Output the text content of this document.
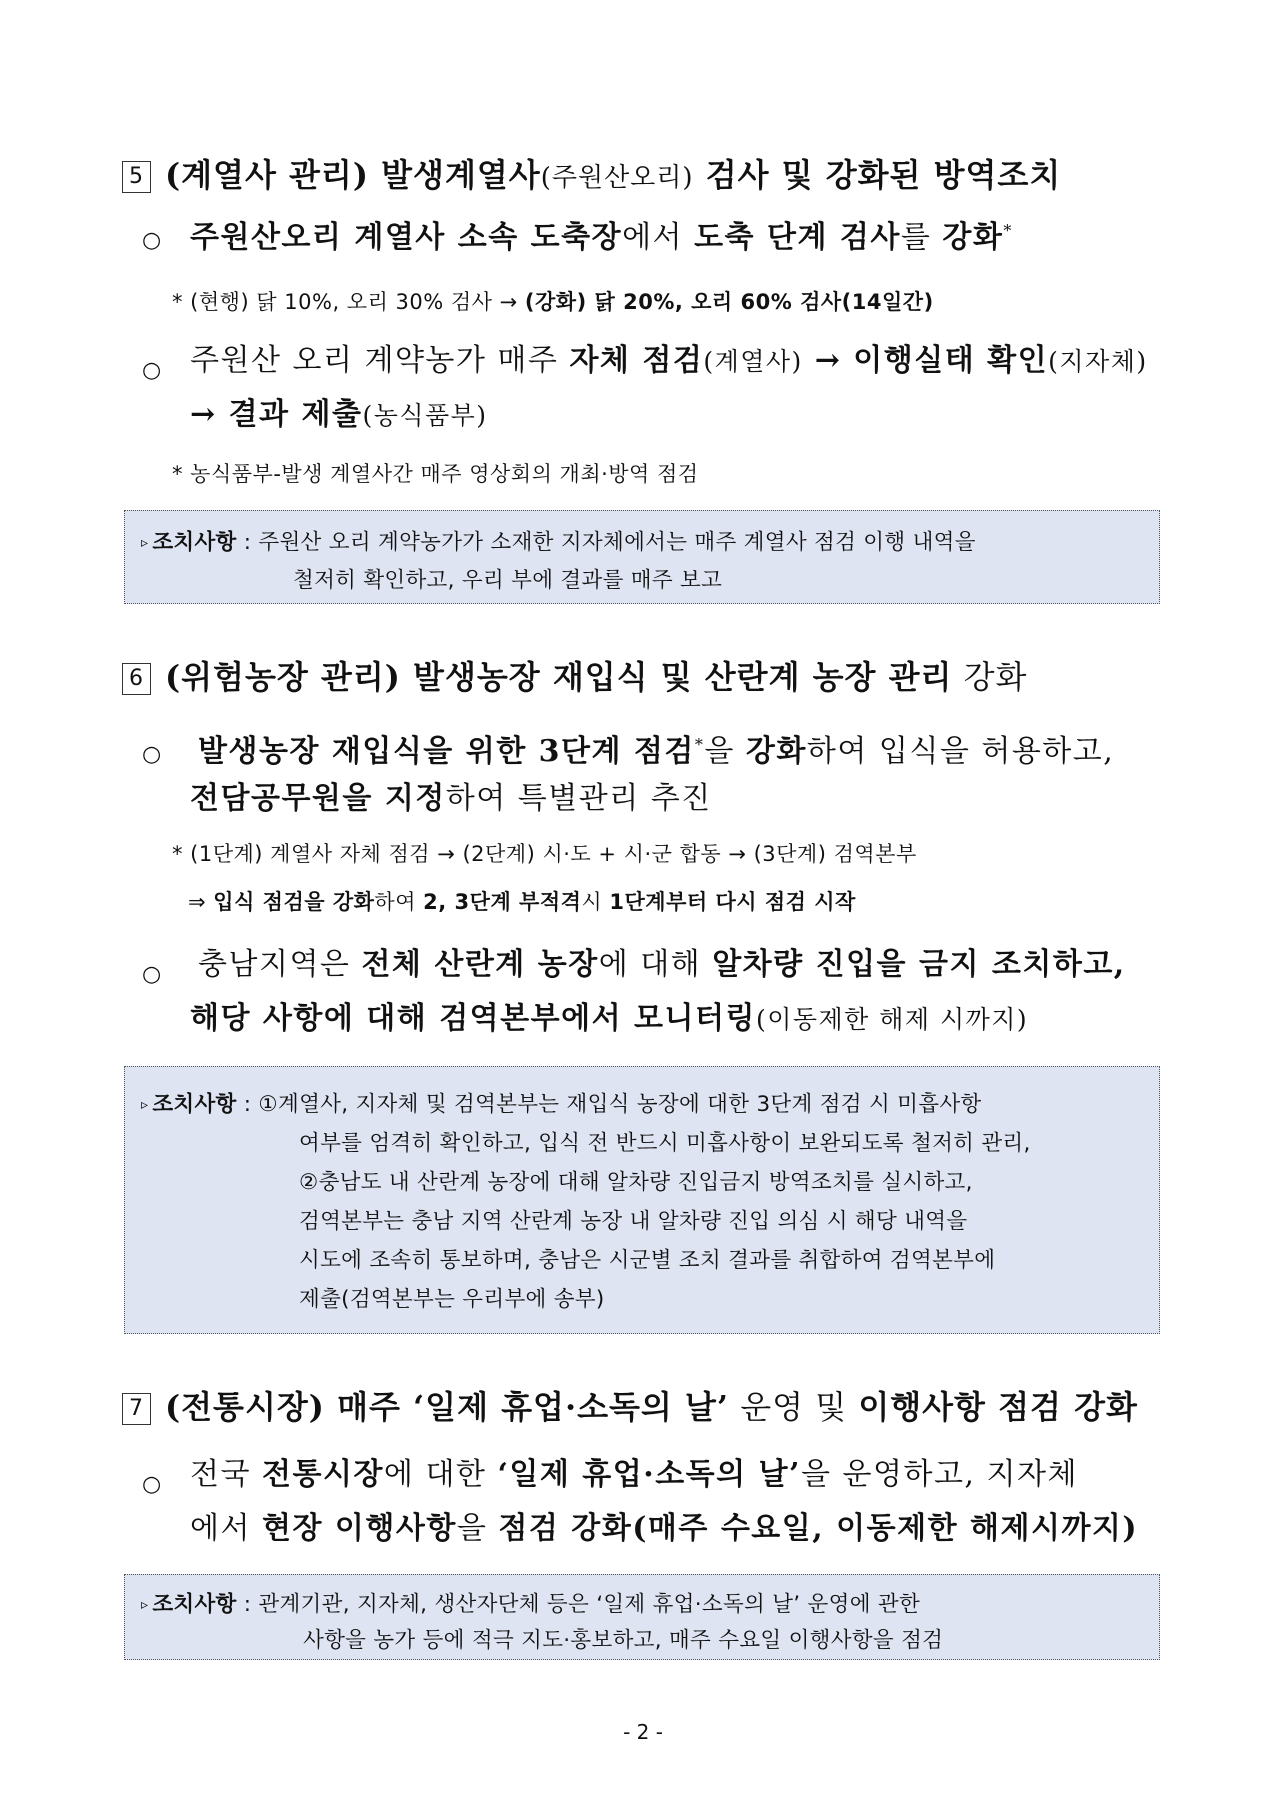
5 (계열사 관리) 발생계열사(주원산오리) 검사 및 강화된 방역조치
○ 주원산오리 계열사 소속 도축장에서 도축 단계 검사를 강화*
* (현행) 닭 10%, 오리 30% 검사 → (강화) 닭 20%, 오리 60% 검사(14일간)
○ 주원산 오리 계약농가 매주 자체 점검(계열사) → 이행실태 확인(지자체)
→ 결과 제출(농식품부)
* 농식품부-발생 계열사간 매주 영상회의 개최·방역 점검
▹ 조치사항 : 주원산 오리 계약농가가 소재한 지자체에서는 매주 계열사 점검 이행 내역을
철저히 확인하고, 우리 부에 결과를 매주 보고
6 (위험농장 관리) 발생농장 재입식 및 산란계 농장 관리 강화
○ 발생농장 재입식을 위한 3단계 점검*을 강화하여 입식을 허용하고,
전담공무원을 지정하여 특별관리 추진
* (1단계) 계열사 자체 점검 → (2단계) 시·도 + 시·군 합동 → (3단계) 검역본부
⇒ 입식 점검을 강화하여 2, 3단계 부적격시 1단계부터 다시 점검 시작
○ 충남지역은 전체 산란계 농장에 대해 알차량 진입을 금지 조치하고,
해당 사항에 대해 검역본부에서 모니터링(이동제한 해제 시까지)
▹ 조치사항 : ①계열사, 지자체 및 검역본부는 재입식 농장에 대한 3단계 점검 시 미흡사항
여부를 엄격히 확인하고, 입식 전 반드시 미흡사항이 보완되도록 철저히 관리,
②충남도 내 산란계 농장에 대해 알차량 진입금지 방역조치를 실시하고,
검역본부는 충남 지역 산란계 농장 내 알차량 진입 의심 시 해당 내역을
시도에 조속히 통보하며, 충남은 시군별 조치 결과를 취합하여 검역본부에
제출(검역본부는 우리부에 송부)
7 (전통시장) 매주 ‘일제 휴업·소독의 날’ 운영 및 이행사항 점검 강화
○ 전국 전통시장에 대한 ‘일제 휴업·소독의 날’을 운영하고, 지자체
에서 현장 이행사항을 점검 강화(매주 수요일, 이동제한 해제시까지)
▹ 조치사항 : 관계기관, 지자체, 생산자단체 등은 ‘일제 휴업·소독의 날’ 운영에 관한
사항을 농가 등에 적극 지도·홍보하고, 매주 수요일 이행사항을 점검
- 2 -
